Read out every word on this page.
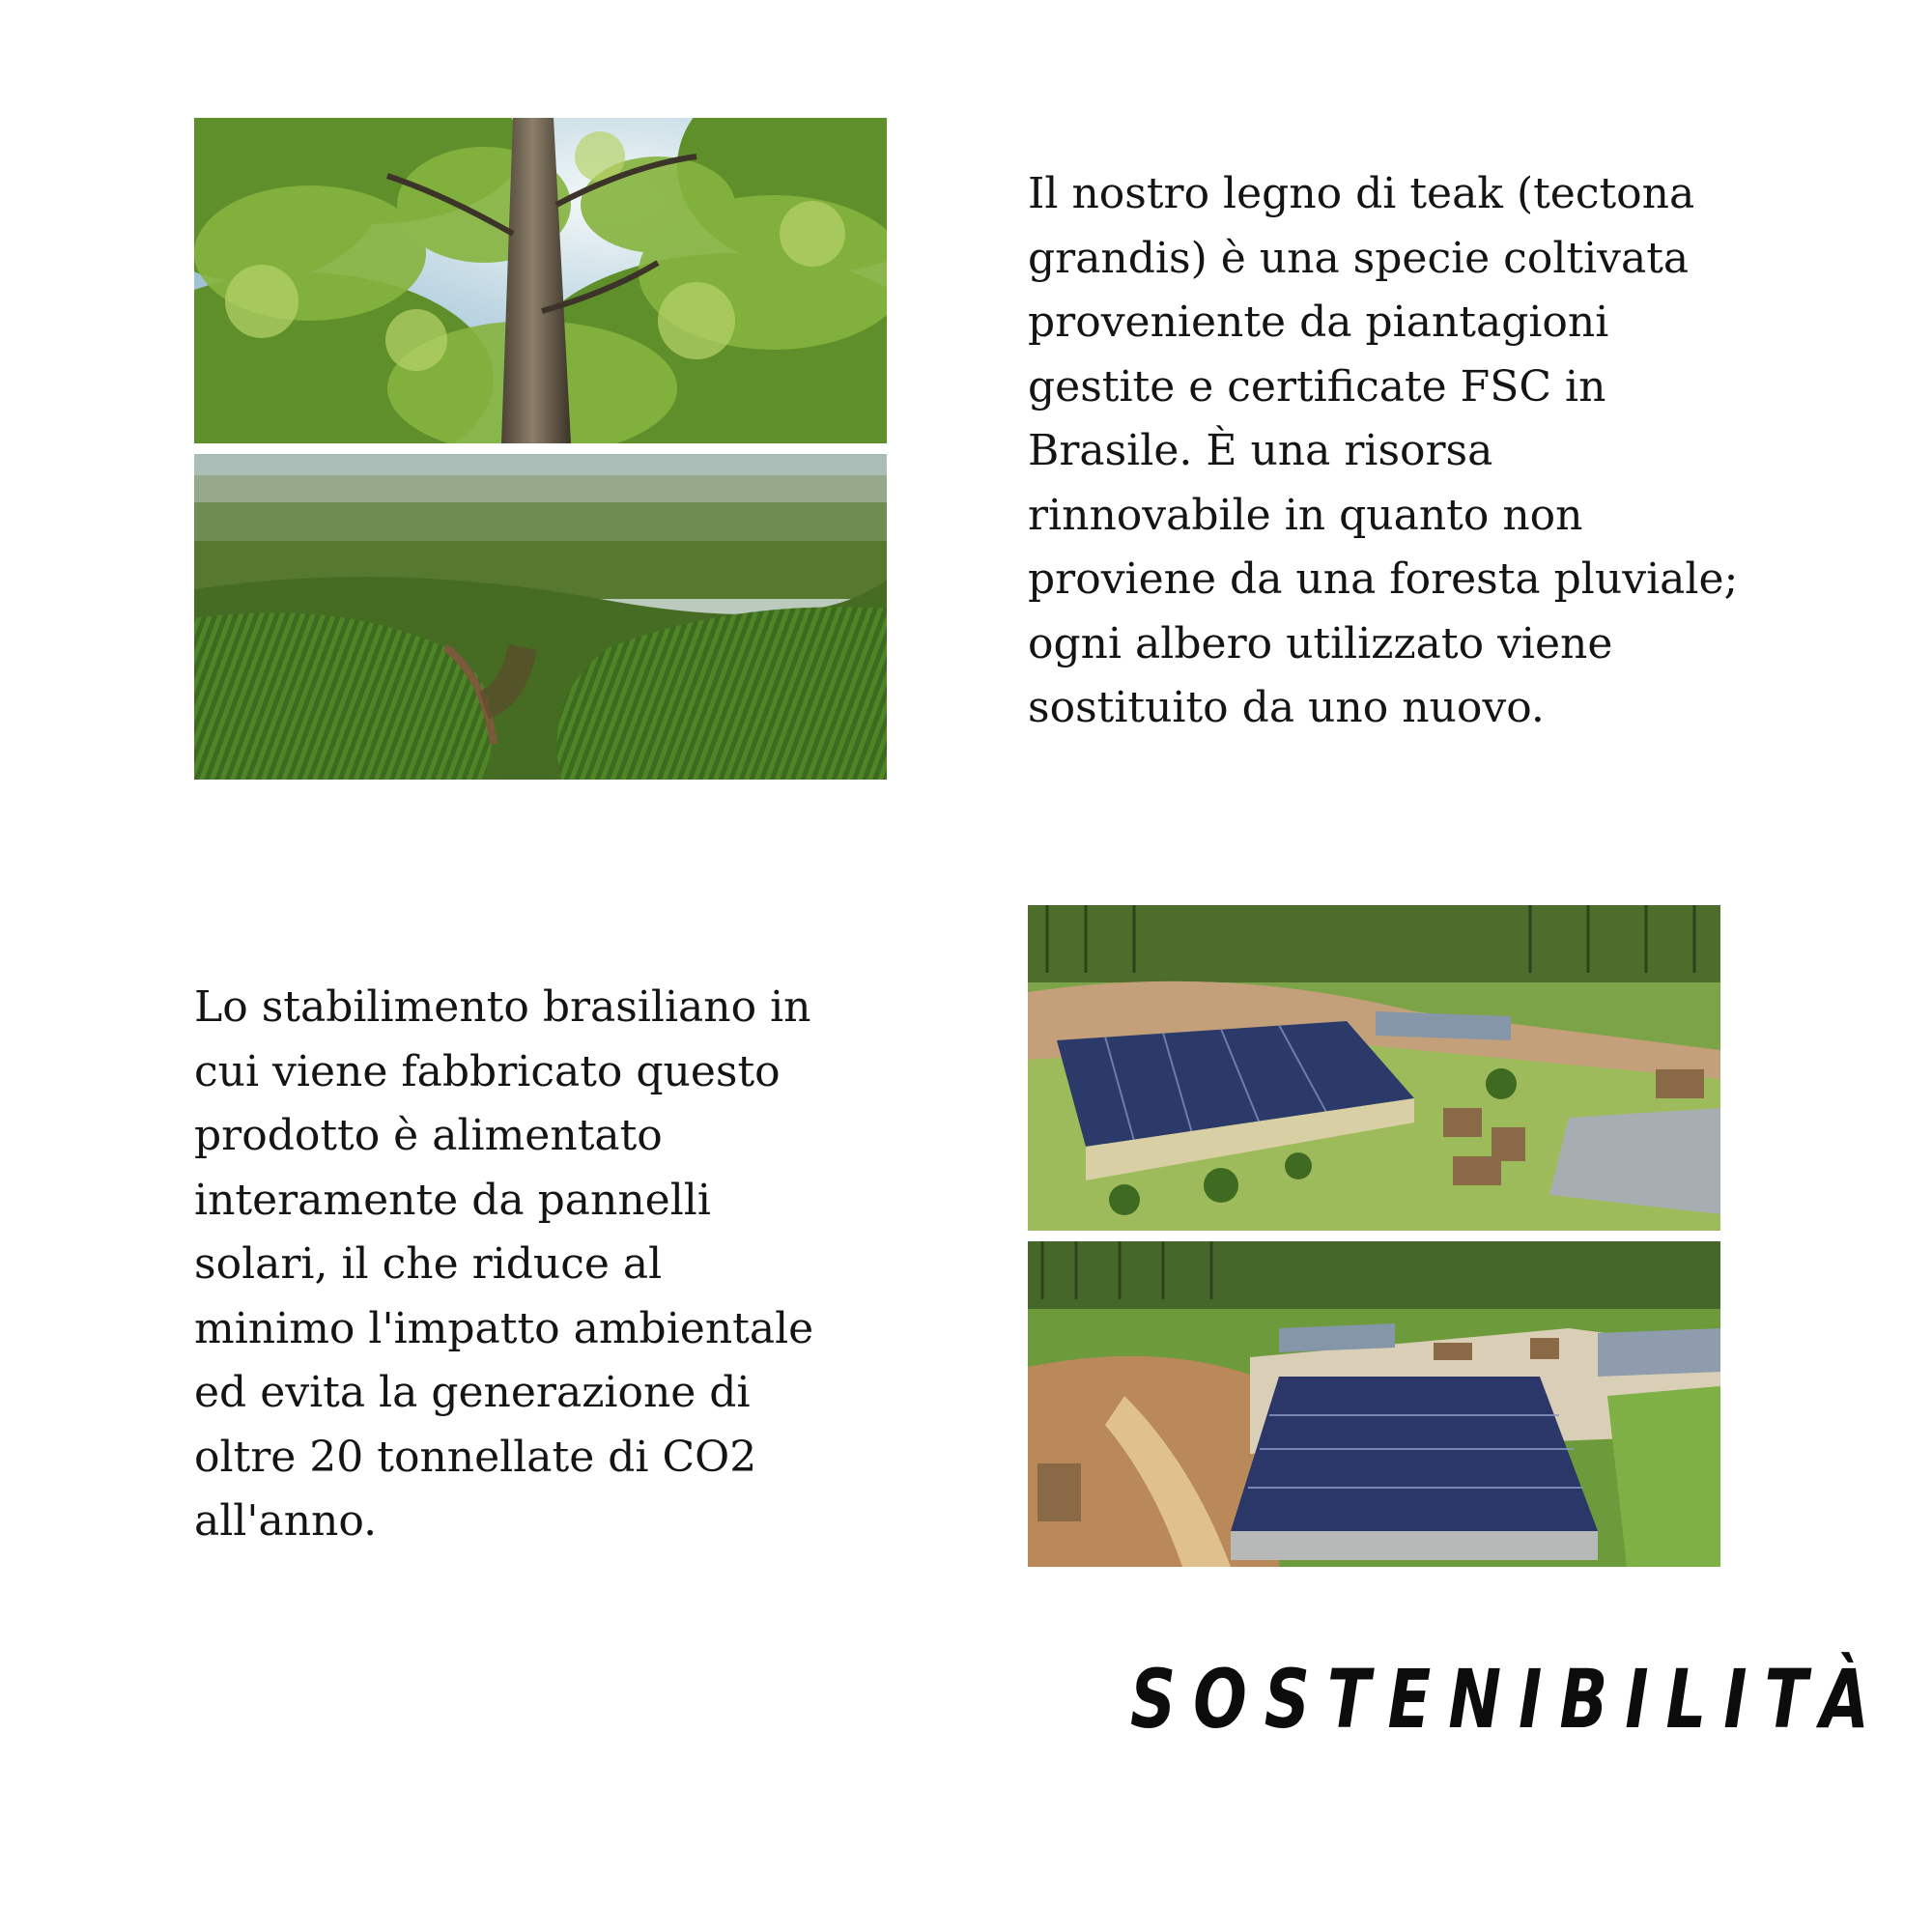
Il nostro legno di teak (tectona
grandis) è una specie coltivata
proveniente da piantagioni
gestite e certificate FSC in
Brasile. È una risorsa
rinnovabile in quanto non
proviene da una foresta pluviale;
ogni albero utilizzato viene
sostituito da uno nuovo.

Lo stabilimento brasiliano in
cui viene fabbricato questo
prodotto è alimentato
interamente da pannelli
solari, il che riduce al
minimo l'impatto ambientale
ed evita la generazione di
oltre 20 tonnellate di CO2
all'anno.

SOSTENIBILITÀ
